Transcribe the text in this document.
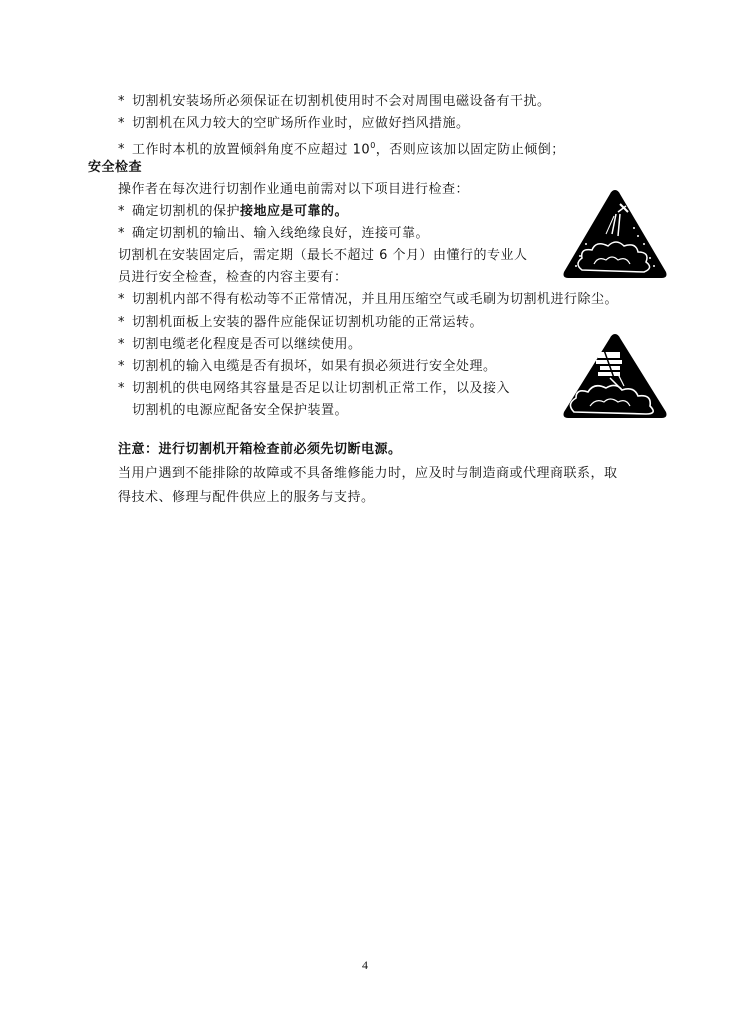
* 切割机安装场所必须保证在切割机使用时不会对周围电磁设备有干扰。
* 切割机在风力较大的空旷场所作业时，应做好挡风措施。
* 工作时本机的放置倾斜角度不应超过 $10^0$，否则应该加以固定防止倾倒；
安全检查
操作者在每次进行切割作业通电前需对以下项目进行检查：
* 确定切割机的保护接地应是可靠的。
* 确定切割机的输出、输入线绝缘良好，连接可靠。
切割机在安装固定后，需定期（最长不超过 6 个月）由懂行的专业人
员进行安全检查，检查的内容主要有：
* 切割机内部不得有松动等不正常情况，并且用压缩空气或毛刷为切割机进行除尘。
* 切割机面板上安装的器件应能保证切割机功能的正常运转。
* 切割电缆老化程度是否可以继续使用。
* 切割机的输入电缆是否有损坏，如果有损必须进行安全处理。
* 切割机的供电网络其容量是否足以让切割机正常工作，以及接入
切割机的电源应配备安全保护装置。
注意：进行切割机开箱检查前必须先切断电源。
当用户遇到不能排除的故障或不具备维修能力时，应及时与制造商或代理商联系，取
得技术、修理与配件供应上的服务与支持。
4
